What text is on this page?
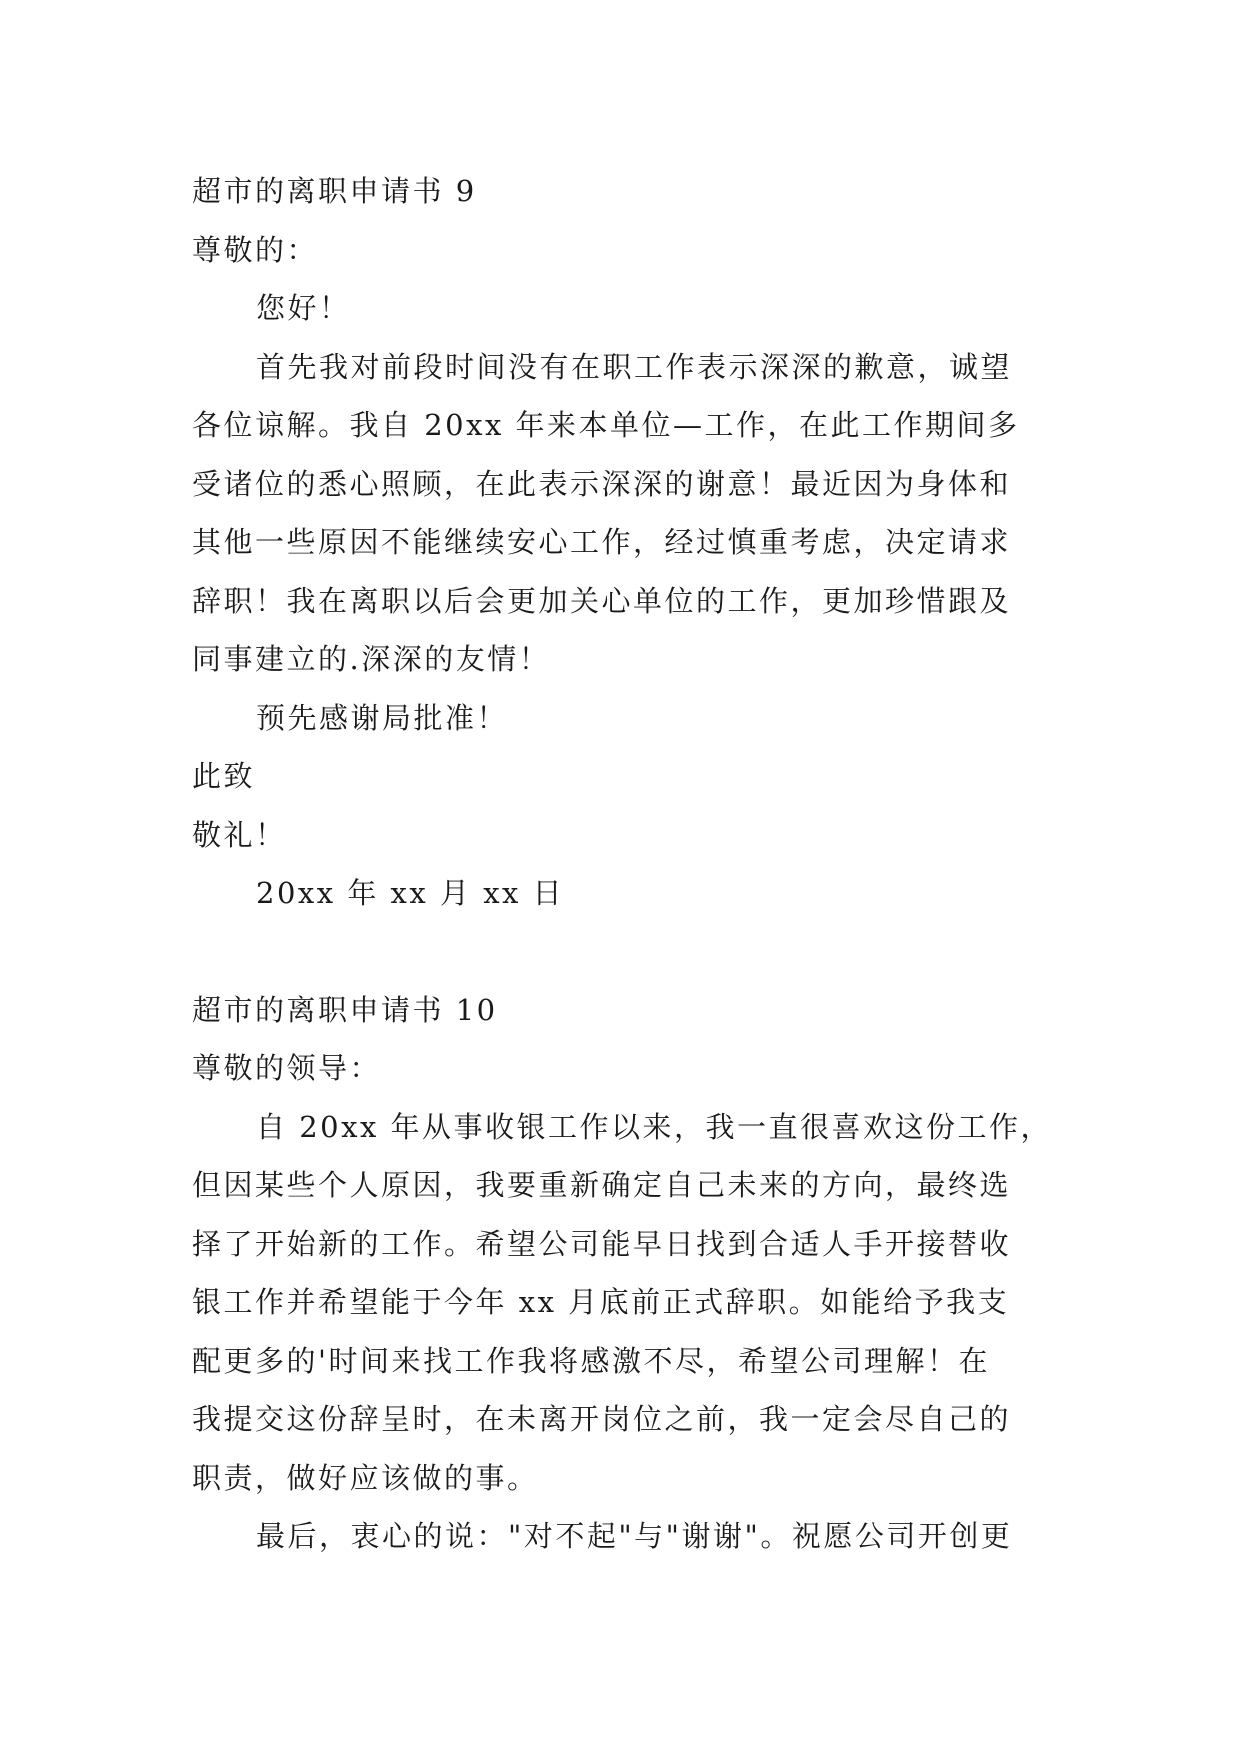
超市的离职申请书 9
尊敬的：
您好！
首先我对前段时间没有在职工作表示深深的歉意，诚望
各位谅解。我自 20xx 年来本单位—工作，在此工作期间多
受诸位的悉心照顾，在此表示深深的谢意！最近因为身体和
其他一些原因不能继续安心工作，经过慎重考虑，决定请求
辞职！我在离职以后会更加关心单位的工作，更加珍惜跟及
同事建立的.深深的友情！
预先感谢局批准！
此致
敬礼！
20xx 年 xx 月 xx 日
超市的离职申请书 10
尊敬的领导：
自 20xx 年从事收银工作以来，我一直很喜欢这份工作，
但因某些个人原因，我要重新确定自己未来的方向，最终选
择了开始新的工作。希望公司能早日找到合适人手开接替收
银工作并希望能于今年 xx 月底前正式辞职。如能给予我支
配更多的'时间来找工作我将感激不尽，希望公司理解！在
我提交这份辞呈时，在未离开岗位之前，我一定会尽自己的
职责，做好应该做的事。
最后，衷心的说："对不起"与"谢谢"。祝愿公司开创更
